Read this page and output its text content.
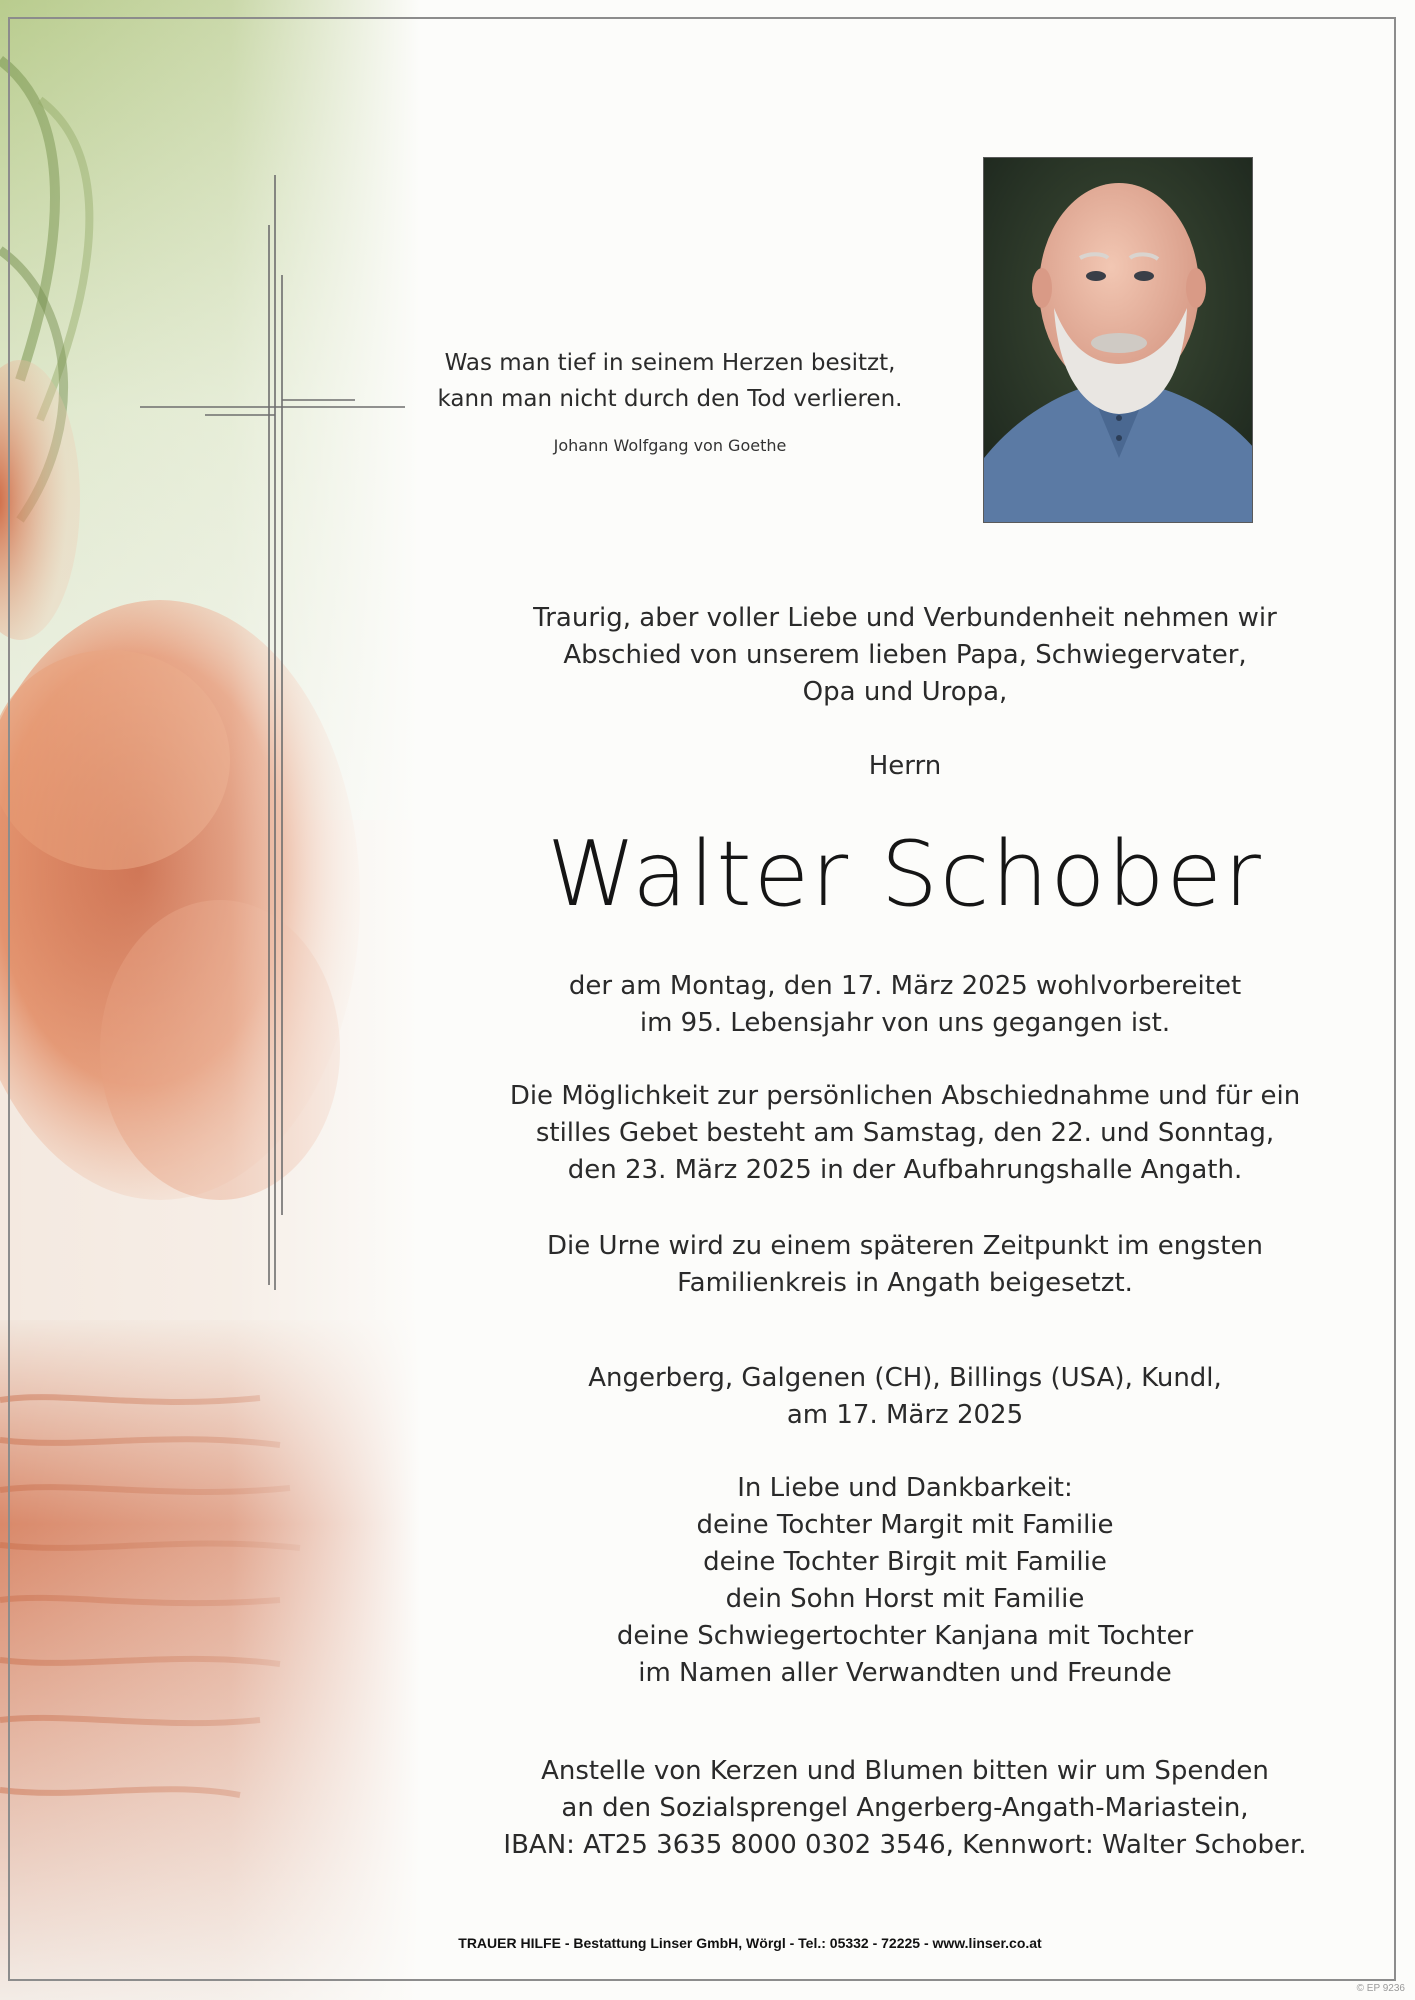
Was man tief in seinem Herzen besitzt,
kann man nicht durch den Tod verlieren.
Johann Wolfgang von Goethe

Traurig, aber voller Liebe und Verbundenheit nehmen wir

Abschied von unserem lieben Papa, Schwiegervater,

Opa und Uropa,

Herrn

Walter Schober

der am Montag, den 17. März 2025 wohlvorbereitet

im 95. Lebensjahr von uns gegangen ist.

Die Möglichkeit zur persönlichen Abschiednahme und für ein

stilles Gebet besteht am Samstag, den 22. und Sonntag,

den 23. März 2025 in der Aufbahrungshalle Angath.

Die Urne wird zu einem späteren Zeitpunkt im engsten

Familienkreis in Angath beigesetzt.

Angerberg, Galgenen (CH), Billings (USA), Kundl,

am 17. März 2025

In Liebe und Dankbarkeit:

deine Tochter Margit mit Familie

deine Tochter Birgit mit Familie

dein Sohn Horst mit Familie

deine Schwiegertochter Kanjana mit Tochter

im Namen aller Verwandten und Freunde

Anstelle von Kerzen und Blumen bitten wir um Spenden

an den Sozialsprengel Angerberg-Angath-Mariastein,

IBAN: AT25 3635 8000 0302 3546, Kennwort: Walter Schober.

TRAUER HILFE - Bestattung Linser GmbH, Wörgl - Tel.: 05332 - 72225 - www.linser.co.at
© EP 9236
